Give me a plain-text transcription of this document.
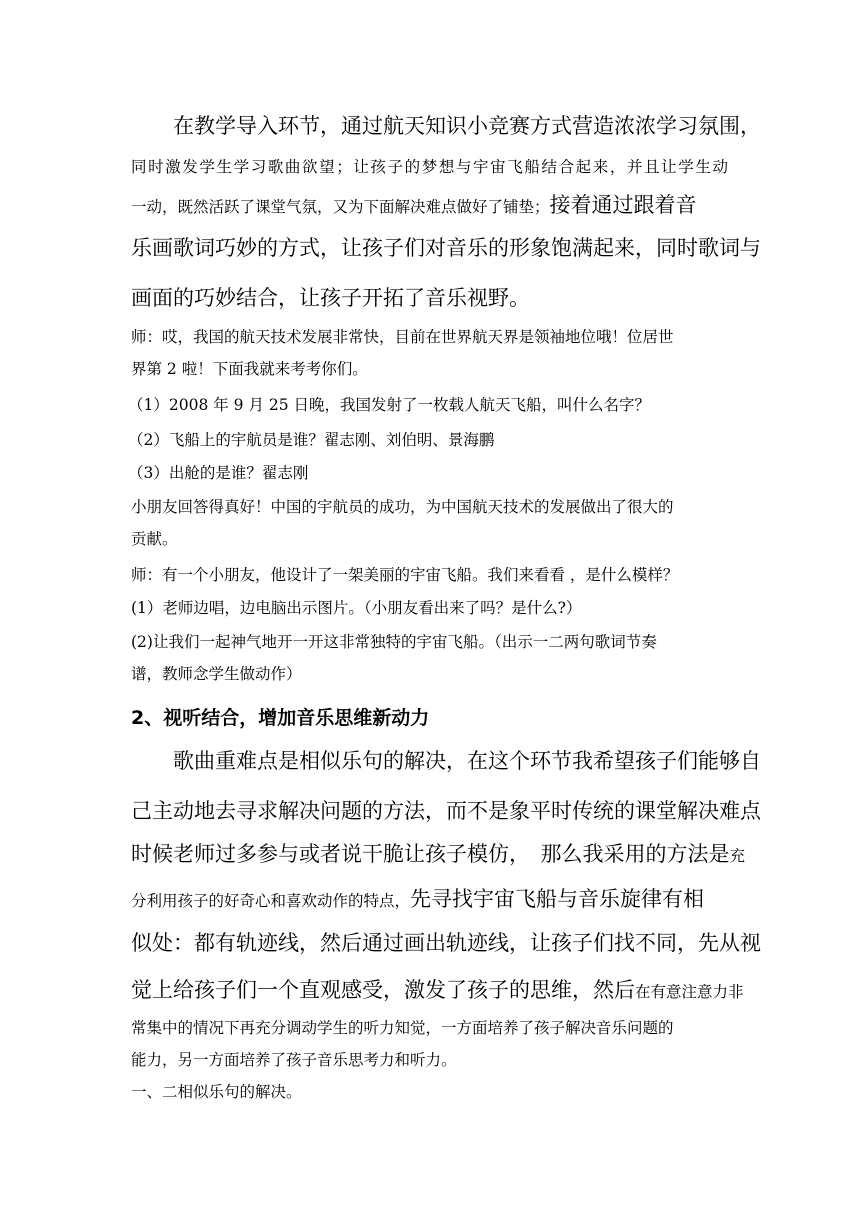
在教学导入环节，通过航天知识小竞赛方式营造浓浓学习氛围，
同时激发学生学习歌曲欲望；让孩子的梦想与宇宙飞船结合起来，并且让学生动
一动，既然活跃了课堂气氛，又为下面解决难点做好了铺垫；接着通过跟着音
乐画歌词巧妙的方式，让孩子们对音乐的形象饱满起来，同时歌词与
画面的巧妙结合，让孩子开拓了音乐视野。
师：哎，我国的航天技术发展非常快，目前在世界航天界是领袖地位哦！位居世
界第 2 啦！下面我就来考考你们。
（1）2008 年 9 月 25 日晚，我国发射了一枚载人航天飞船，叫什么名字？
（2）飞船上的宇航员是谁？翟志刚、刘伯明、景海鹏
（3）出舱的是谁？翟志刚
小朋友回答得真好！中国的宇航员的成功，为中国航天技术的发展做出了很大的
贡献。
师：有一个小朋友，他设计了一架美丽的宇宙飞船。我们来看看 ，是什么模样？
(1）老师边唱，边电脑出示图片。（小朋友看出来了吗？是什么?）
(2)让我们一起神气地开一开这非常独特的宇宙飞船。（出示一二两句歌词节奏
谱，教师念学生做动作）
2、视听结合，增加音乐思维新动力
歌曲重难点是相似乐句的解决，在这个环节我希望孩子们能够自
己主动地去寻求解决问题的方法，而不是象平时传统的课堂解决难点
时候老师过多参与或者说干脆让孩子模仿，　那么我采用的方法是充
分利用孩子的好奇心和喜欢动作的特点，先寻找宇宙飞船与音乐旋律有相
似处：都有轨迹线，然后通过画出轨迹线，让孩子们找不同，先从视
觉上给孩子们一个直观感受，激发了孩子的思维，然后在有意注意力非
常集中的情况下再充分调动学生的听力知觉，一方面培养了孩子解决音乐问题的
能力，另一方面培养了孩子音乐思考力和听力。
一、二相似乐句的解决。
